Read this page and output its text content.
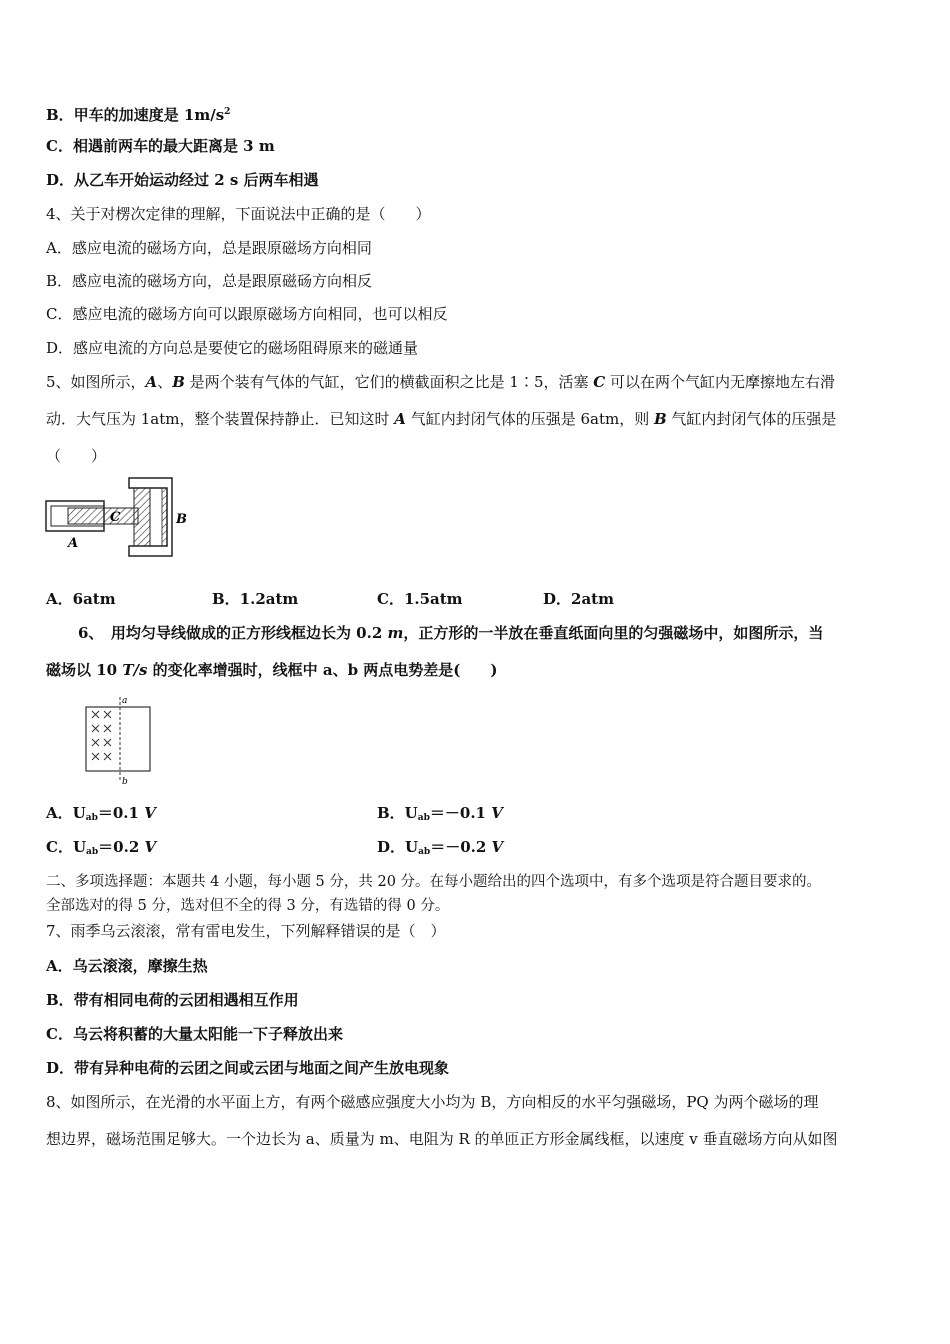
B．甲车的加速度是 $1m/s^2$
C．相遇前两车的最大距离是 3 m
D．从乙车开始运动经过 2 s 后两车相遇
4、关于对楞次定律的理解，下面说法中正确的是（　　）
A．感应电流的磁场方向，总是跟原磁场方向相同
B．感应电流的磁场方向，总是跟原磁砀方向相反
C．感应电流的磁场方向可以跟原磁场方向相同，也可以相反
D．感应电流的方向总是要使它的磁场阻碍原来的磁通量
5、如图所示，A、B 是两个装有气体的气缸，它们的横截面积之比是 1∶5，活塞 C 可以在两个气缸内无摩擦地左右滑
动．大气压为 1atm，整个装置保持静止．已知这时 A 气缸内封闭气体的压强是 6atm，则 B 气缸内封闭气体的压强是
（　　）
C
A
B
A．6atm	B．1.2atm	C．1.5atm	D．2atm
6、　用均匀导线做成的正方形线框边长为 0.2 m，正方形的一半放在垂直纸面向里的匀强磁场中，如图所示，当
磁场以 10 T/s 的变化率增强时，线框中 a、b 两点电势差是(　　)
a
b
A．$U_{ab}=0.1$ V	B．$U_{ab}=-0.1$ V
C．$U_{ab}=0.2$ V	D．$U_{ab}=-0.2$ V
二、多项选择题：本题共 4 小题，每小题 5 分，共 20 分。在每小题给出的四个选项中，有多个选项是符合题目要求的。
全部选对的得 5 分，选对但不全的得 3 分，有选错的得 0 分。
7、雨季乌云滚滚，常有雷电发生，下列解释错误的是（　）
A．乌云滚滚，摩擦生热
B．带有相同电荷的云团相遇相互作用
C．乌云将积蓄的大量太阳能一下子释放出来
D．带有异种电荷的云团之间或云团与地面之间产生放电现象
8、如图所示，在光滑的水平面上方，有两个磁感应强度大小均为 B，方向相反的水平匀强磁场，PQ 为两个磁场的理
想边界，磁场范围足够大。一个边长为 a、质量为 m、电阻为 R 的单匝正方形金属线框，以速度 v 垂直磁场方向从如图
